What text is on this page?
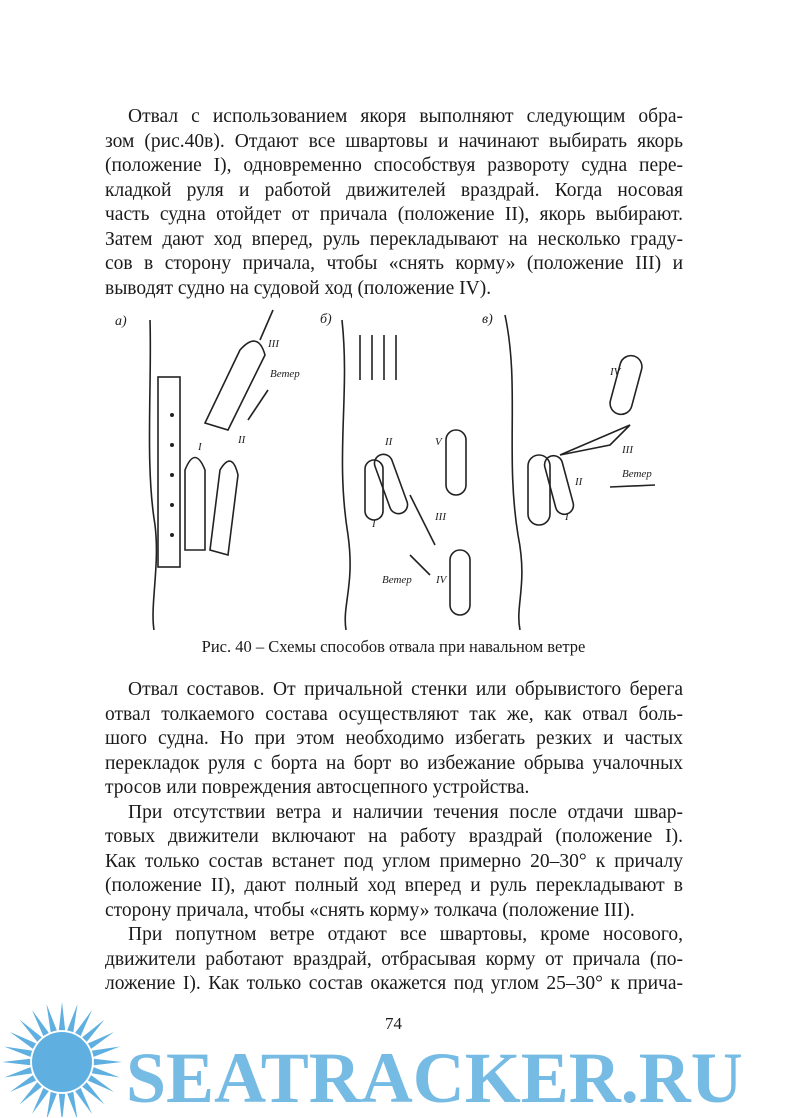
Отвал с использованием якоря выполняют следующим обра-
зом (рис.40в). Отдают все швартовы и начинают выбирать якорь
(положение I), одновременно способствуя развороту судна пере-
кладкой руля и работой движителей враздрай. Когда носовая
часть судна отойдет от причала (положение II), якорь выбирают.
Затем дают ход вперед, руль перекладывают на несколько граду-
сов в сторону причала, чтобы «снять корму» (положение III) и
выводят судно на судовой ход (положение IV).
а)
Ветер
I
II
III
б)
Ветер
I
II
III
IV
V
в)
Ветер
I
II
III
IV
Рис. 40 – Схемы способов отвала при навальном ветре
Отвал составов. От причальной стенки или обрывистого берега
отвал толкаемого состава осуществляют так же, как отвал боль-
шого судна. Но при этом необходимо избегать резких и частых
перекладок руля с борта на борт во избежание обрыва учалочных
тросов или повреждения автосцепного устройства.
При отсутствии ветра и наличии течения после отдачи швар-
товых движители включают на работу враздрай (положение I).
Как только состав встанет под углом примерно 20–30° к причалу
(положение II), дают полный ход вперед и руль перекладывают в
сторону причала, чтобы «снять корму» толкача (положение III).
При попутном ветре отдают все швартовы, кроме носового,
движители работают враздрай, отбрасывая корму от причала (по-
ложение I). Как только состав окажется под углом 25–30° к прича-
74
SEATRACKER.RU
